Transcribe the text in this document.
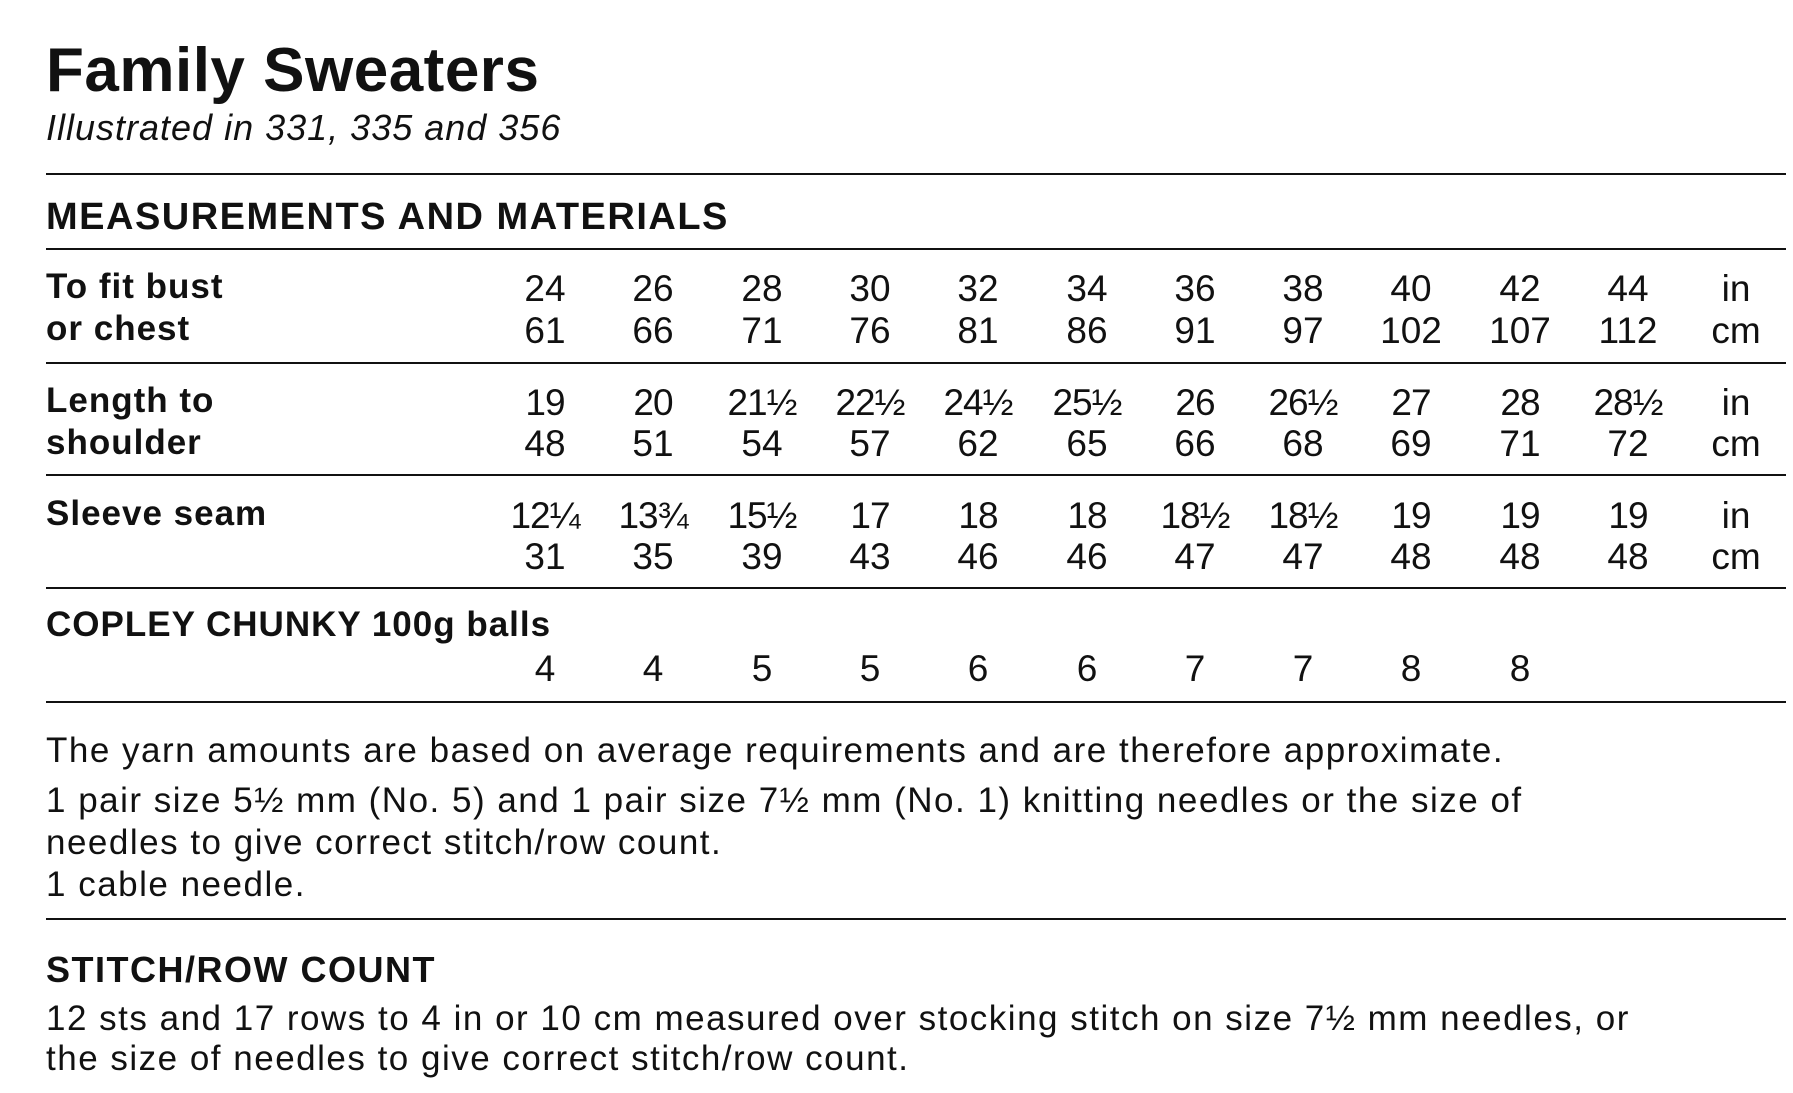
Family Sweaters
Illustrated in 331, 335 and 356
MEASUREMENTS AND MATERIALS
To fit bust
or chest
24	26	28	30	32	34	36	38	40	42	44	in
61	66	71	76	81	86	91	97	102	107	112	cm
Length to
shoulder
19	20	21½	22½	24½	25½	26	26½	27	28	28½	in
48	51	54	57	62	65	66	68	69	71	72	cm
Sleeve seam	12¼	13¾	15½	17	18	18	18½	18½	19	19	19	in
31	35	39	43	46	46	47	47	48	48	48	cm
COPLEY CHUNKY 100g balls
4	4	5	5	6	6	7	7	8	8
The yarn amounts are based on average requirements and are therefore approximate.
1 pair size 5½ mm (No. 5) and 1 pair size 7½ mm (No. 1) knitting needles or the size of
needles to give correct stitch/row count.
1 cable needle.
STITCH/ROW COUNT
12 sts and 17 rows to 4 in or 10 cm measured over stocking stitch on size 7½ mm needles, or
the size of needles to give correct stitch/row count.
